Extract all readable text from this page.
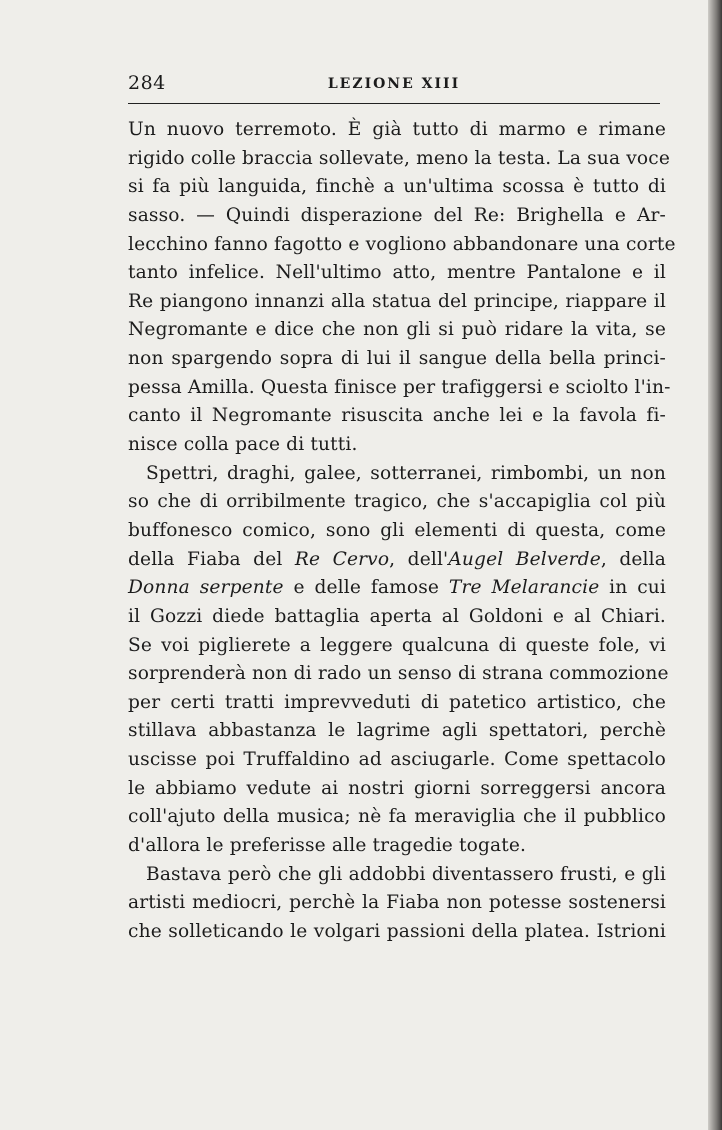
284	LEZIONE XIII
Un nuovo terremoto. È già tutto di marmo e rimane
rigido colle braccia sollevate, meno la testa. La sua voce
si fa più languida, finchè a un'ultima scossa è tutto di
sasso. — Quindi disperazione del Re: Brighella e Ar-
lecchino fanno fagotto e vogliono abbandonare una corte
tanto infelice. Nell'ultimo atto, mentre Pantalone e il
Re piangono innanzi alla statua del principe, riappare il
Negromante e dice che non gli si può ridare la vita, se
non spargendo sopra di lui il sangue della bella princi-
pessa Amilla. Questa finisce per trafiggersi e sciolto l'in-
canto il Negromante risuscita anche lei e la favola fi-
nisce colla pace di tutti.
Spettri, draghi, galee, sotterranei, rimbombi, un non
so che di orribilmente tragico, che s'accapiglia col più
buffonesco comico, sono gli elementi di questa, come
della Fiaba del Re Cervo, dell'Augel Belverde, della
Donna serpente e delle famose Tre Melarancie in cui
il Gozzi diede battaglia aperta al Goldoni e al Chiari.
Se voi piglierete a leggere qualcuna di queste fole, vi
sorprenderà non di rado un senso di strana commozione
per certi tratti imprevveduti di patetico artistico, che
stillava abbastanza le lagrime agli spettatori, perchè
uscisse poi Truffaldino ad asciugarle. Come spettacolo
le abbiamo vedute ai nostri giorni sorreggersi ancora
coll'ajuto della musica; nè fa meraviglia che il pubblico
d'allora le preferisse alle tragedie togate.
Bastava però che gli addobbi diventassero frusti, e gli
artisti mediocri, perchè la Fiaba non potesse sostenersi
che solleticando le volgari passioni della platea. Istrioni
